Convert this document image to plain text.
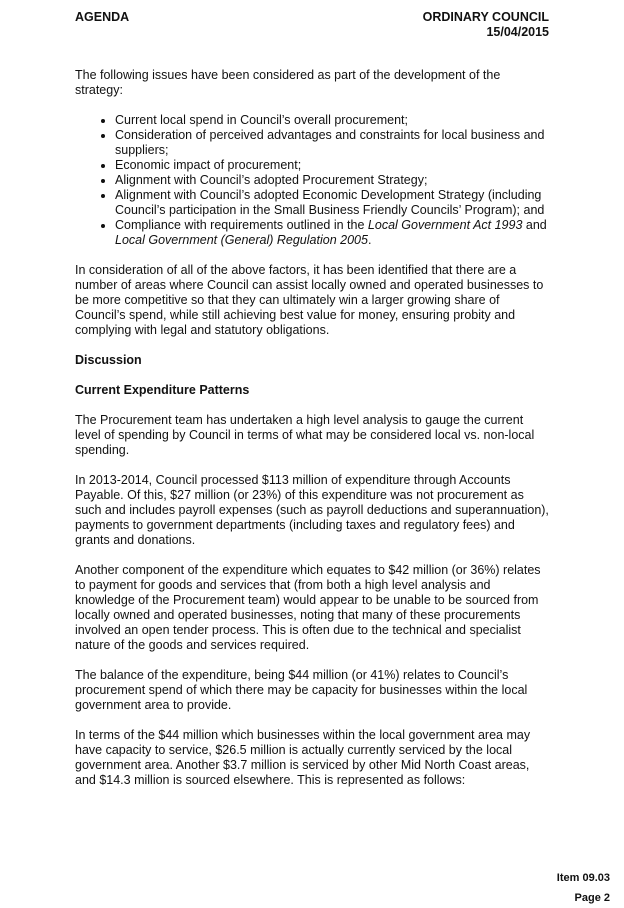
AGENDA	ORDINARY COUNCIL
15/04/2015

The following issues have been considered as part of the development of the strategy:

• Current local spend in Council’s overall procurement;
• Consideration of perceived advantages and constraints for local business and suppliers;
• Economic impact of procurement;
• Alignment with Council’s adopted Procurement Strategy;
• Alignment with Council’s adopted Economic Development Strategy (including Council’s participation in the Small Business Friendly Councils’ Program); and
• Compliance with requirements outlined in the Local Government Act 1993 and Local Government (General) Regulation 2005.

In consideration of all of the above factors, it has been identified that there are a number of areas where Council can assist locally owned and operated businesses to be more competitive so that they can ultimately win a larger growing share of Council’s spend, while still achieving best value for money, ensuring probity and complying with legal and statutory obligations.

Discussion
Current Expenditure Patterns

The Procurement team has undertaken a high level analysis to gauge the current level of spending by Council in terms of what may be considered local vs. non-local spending.

In 2013-2014, Council processed $113 million of expenditure through Accounts Payable. Of this, $27 million (or 23%) of this expenditure was not procurement as such and includes payroll expenses (such as payroll deductions and superannuation), payments to government departments (including taxes and regulatory fees) and grants and donations.

Another component of the expenditure which equates to $42 million (or 36%) relates to payment for goods and services that (from both a high level analysis and knowledge of the Procurement team) would appear to be unable to be sourced from locally owned and operated businesses, noting that many of these procurements involved an open tender process. This is often due to the technical and specialist nature of the goods and services required.

The balance of the expenditure, being $44 million (or 41%) relates to Council’s procurement spend of which there may be capacity for businesses within the local government area to provide.

In terms of the $44 million which businesses within the local government area may have capacity to service, $26.5 million is actually currently serviced by the local government area. Another $3.7 million is serviced by other Mid North Coast areas, and $14.3 million is sourced elsewhere. This is represented as follows:

Item 09.03
Page 2
